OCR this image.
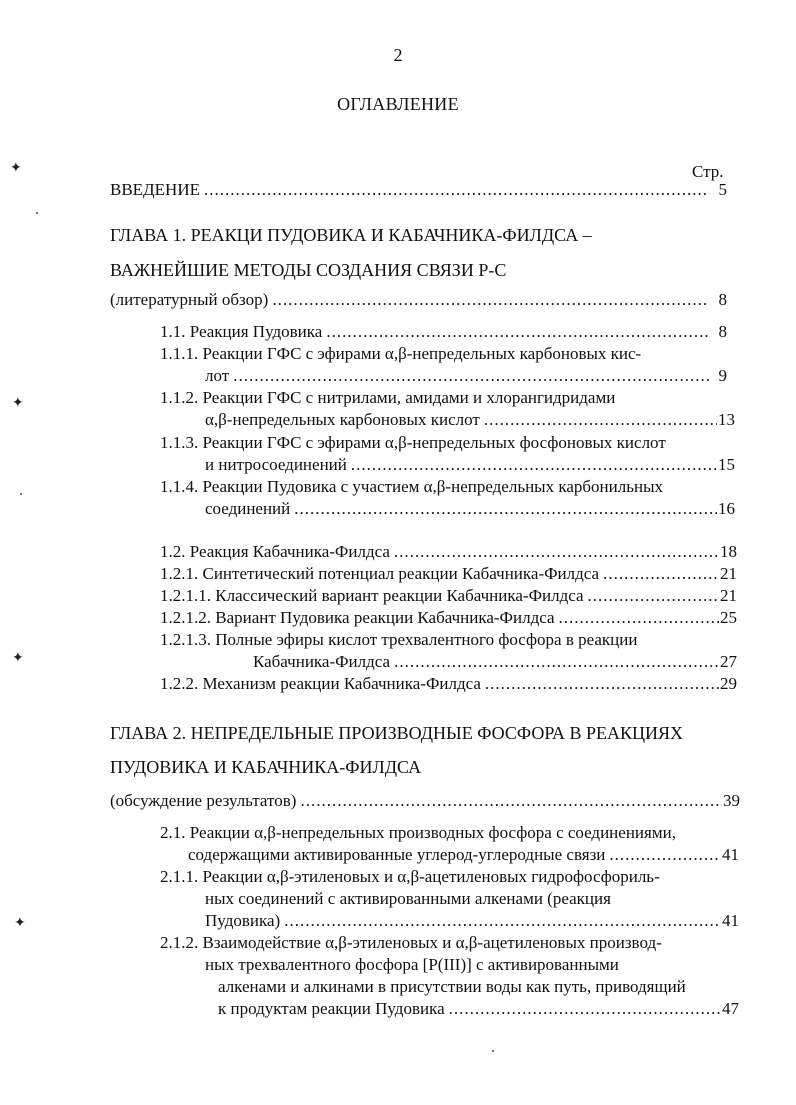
2
ОГЛАВЛЕНИЕ
Стр.
ВВЕДЕНИЕ .....	5
ГЛАВА 1. РЕАКЦИ ПУДОВИКА И КАБАЧНИКА-ФИЛДСА –
ВАЖНЕЙШИЕ МЕТОДЫ СОЗДАНИЯ СВЯЗИ Р-С
(литературный обзор) .....	8
1.1. Реакция Пудовика .....	8
1.1.1. Реакции ГФС с эфирами α,β-непредельных карбоновых кис-
лот .....	9
1.1.2. Реакции ГФС с нитрилами, амидами и хлорангидридами
α,β-непредельных карбоновых кислот .....	13
1.1.3. Реакции ГФС с эфирами α,β-непредельных фосфоновых кислот
и нитросоединений .....	15
1.1.4. Реакции Пудовика с участием α,β-непредельных карбонильных
соединений .....	16
1.2. Реакция Кабачника-Филдса .....	18
1.2.1. Синтетический потенциал реакции Кабачника-Филдса .....	21
1.2.1.1. Классический вариант реакции Кабачника-Филдса .....	21
1.2.1.2. Вариант Пудовика реакции Кабачника-Филдса .....	25
1.2.1.3. Полные эфиры кислот трехвалентного фосфора в реакции
Кабачника-Филдса .....	27
1.2.2. Механизм реакции Кабачника-Филдса .....	29
ГЛАВА 2. НЕПРЕДЕЛЬНЫЕ ПРОИЗВОДНЫЕ ФОСФОРА В РЕАКЦИЯХ
ПУДОВИКА И КАБАЧНИКА-ФИЛДСА
(обсуждение результатов) .....	39
2.1. Реакции α,β-непредельных производных фосфора с соединениями,
содержащими активированные углерод-углеродные связи .....	41
2.1.1. Реакции α,β-этиленовых и α,β-ацетиленовых гидрофосфориль-
ных соединений с активированными алкенами (реакция
Пудовика) .....	41
2.1.2. Взаимодействие α,β-этиленовых и α,β-ацетиленовых производ-
ных трехвалентного фосфора [P(III)] с активированными
алкенами и алкинами в присутствии воды как путь, приводящий
к продуктам реакции Пудовика .....	47
✦
✦
✦
✦
